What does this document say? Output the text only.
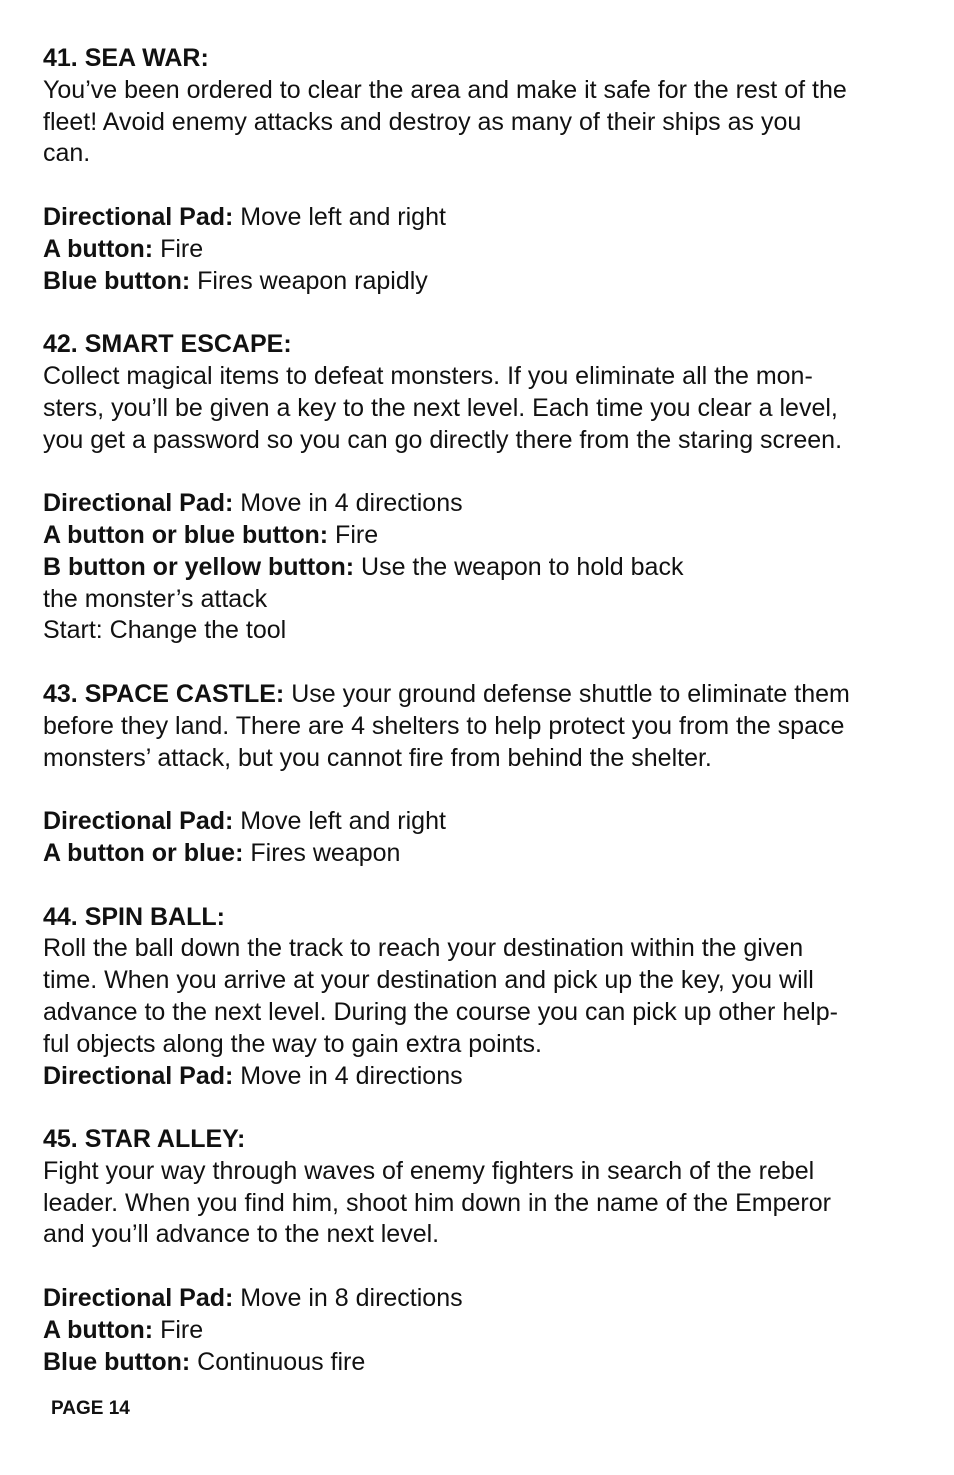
41. SEA WAR:
You’ve been ordered to clear the area and make it safe for the rest of the
fleet! Avoid enemy attacks and destroy as many of their ships as you
can.
Directional Pad: Move left and right
A button: Fire
Blue button: Fires weapon rapidly
42. SMART ESCAPE:
Collect magical items to defeat monsters. If you eliminate all the mon-
sters, you’ll be given a key to the next level. Each time you clear a level,
you get a password so you can go directly there from the staring screen.
Directional Pad: Move in 4 directions
A button or blue button: Fire
B button or yellow button: Use the weapon to hold back
the monster’s attack
Start: Change the tool
43. SPACE CASTLE: Use your ground defense shuttle to eliminate them
before they land. There are 4 shelters to help protect you from the space
monsters’ attack, but you cannot fire from behind the shelter.
Directional Pad: Move left and right
A button or blue: Fires weapon
44. SPIN BALL:
Roll the ball down the track to reach your destination within the given
time. When you arrive at your destination and pick up the key, you will
advance to the next level. During the course you can pick up other help-
ful objects along the way to gain extra points.
Directional Pad: Move in 4 directions
45. STAR ALLEY:
Fight your way through waves of enemy fighters in search of the rebel
leader. When you find him, shoot him down in the name of the Emperor
and you’ll advance to the next level.
Directional Pad: Move in 8 directions
A button: Fire
Blue button: Continuous fire
PAGE 14
